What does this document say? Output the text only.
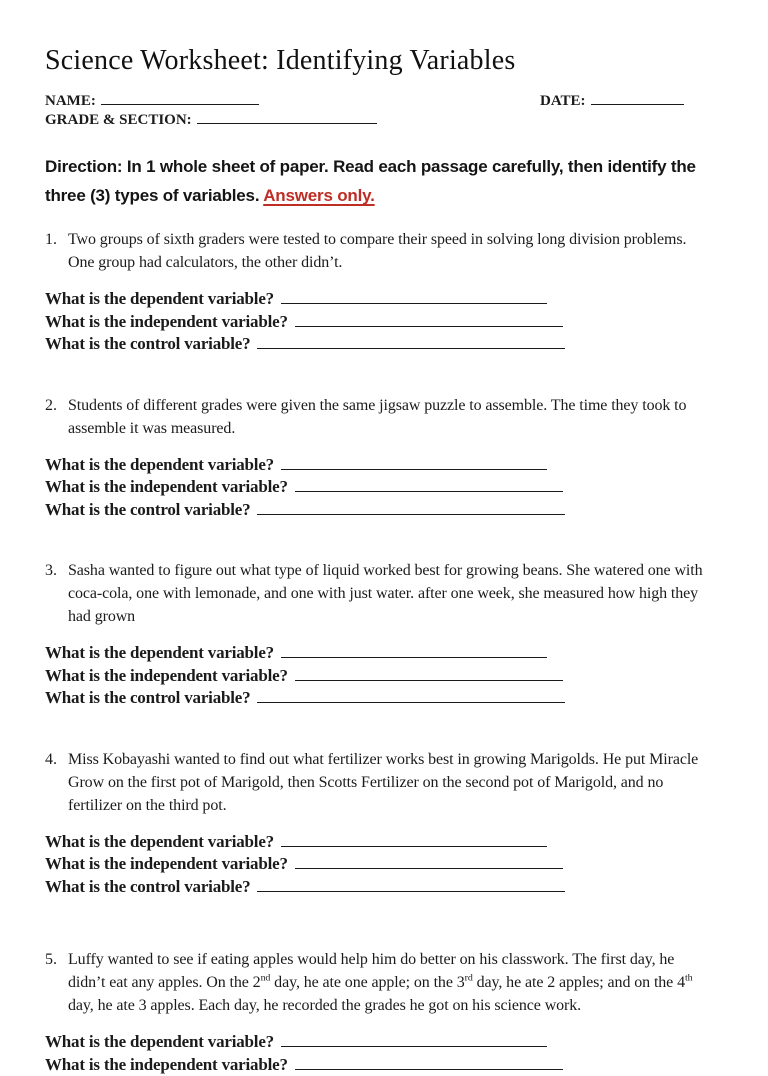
Science Worksheet: Identifying Variables
NAME:	DATE:
GRADE & SECTION:

Direction: In 1 whole sheet of paper. Read each passage carefully, then identify the three (3) types of variables. Answers only.

1. Two groups of sixth graders were tested to compare their speed in solving long division problems. One group had calculators, the other didn’t.
What is the dependent variable?
What is the independent variable?
What is the control variable?
2. Students of different grades were given the same jigsaw puzzle to assemble. The time they took to assemble it was measured.
What is the dependent variable?
What is the independent variable?
What is the control variable?
3. Sasha wanted to figure out what type of liquid worked best for growing beans. She watered one with coca-cola, one with lemonade, and one with just water. after one week, she measured how high they had grown
What is the dependent variable?
What is the independent variable?
What is the control variable?
4. Miss Kobayashi wanted to find out what fertilizer works best in growing Marigolds. He put Miracle Grow on the first pot of Marigold, then Scotts Fertilizer on the second pot of Marigold, and no fertilizer on the third pot.
What is the dependent variable?
What is the independent variable?
What is the control variable?
5. Luffy wanted to see if eating apples would help him do better on his classwork. The first day, he didn’t eat any apples. On the 2nd day, he ate one apple; on the 3rd day, he ate 2 apples; and on the 4th day, he ate 3 apples. Each day, he recorded the grades he got on his science work.
What is the dependent variable?
What is the independent variable?
